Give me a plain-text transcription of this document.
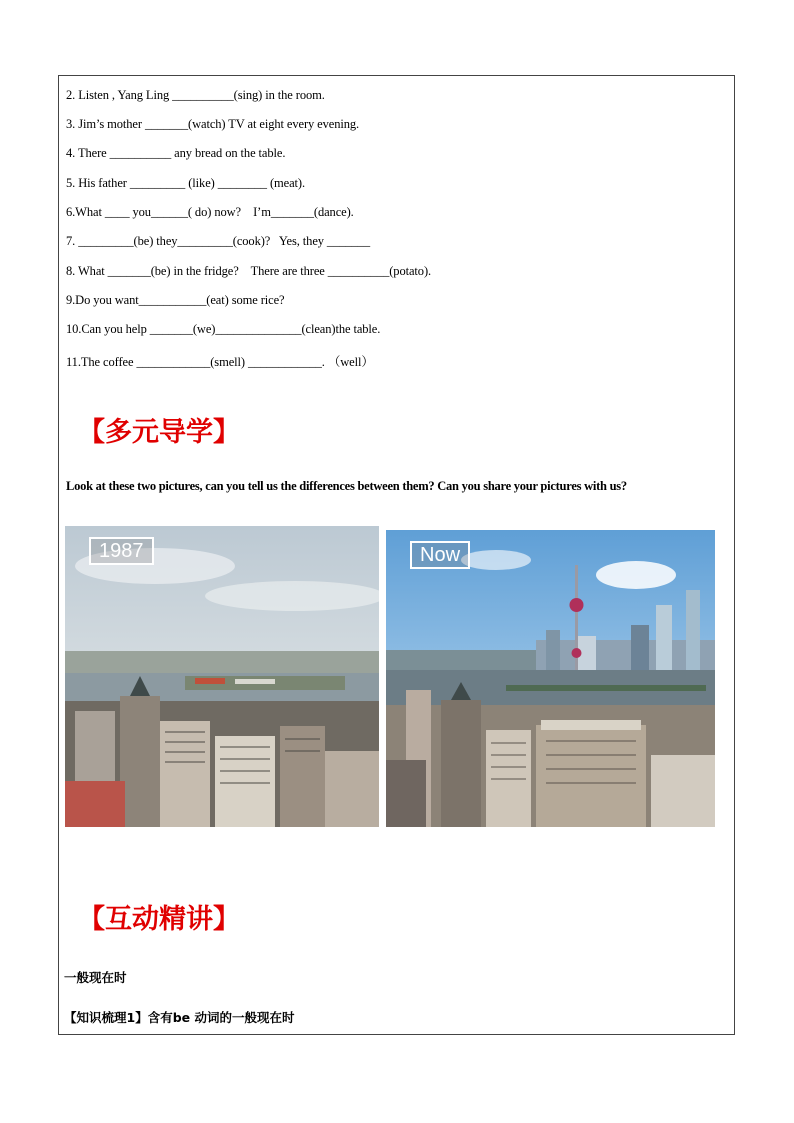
2. Listen , Yang Ling __________(sing) in the room.
3. Jim’s mother _______(watch) TV at eight every evening.
4. There __________ any bread on the table.
5. His father _________ (like) ________ (meat).
6.What ____ you______( do) now?    I’m_______(dance).
7. _________(be) they_________(cook)?   Yes, they _______
8. What _______(be) in the fridge?    There are three __________(potato).
9.Do you want___________(eat) some rice?
10.Can you help _______(we)______________(clean)the table.
11.The coffee ____________(smell) ____________. （well）
【多元导学】
Look at these two pictures, can you tell us the differences between them? Can you share your pictures with us?
1987	Now
【互动精讲】
一般现在时
【知识梳理1】含有be 动词的一般现在时
